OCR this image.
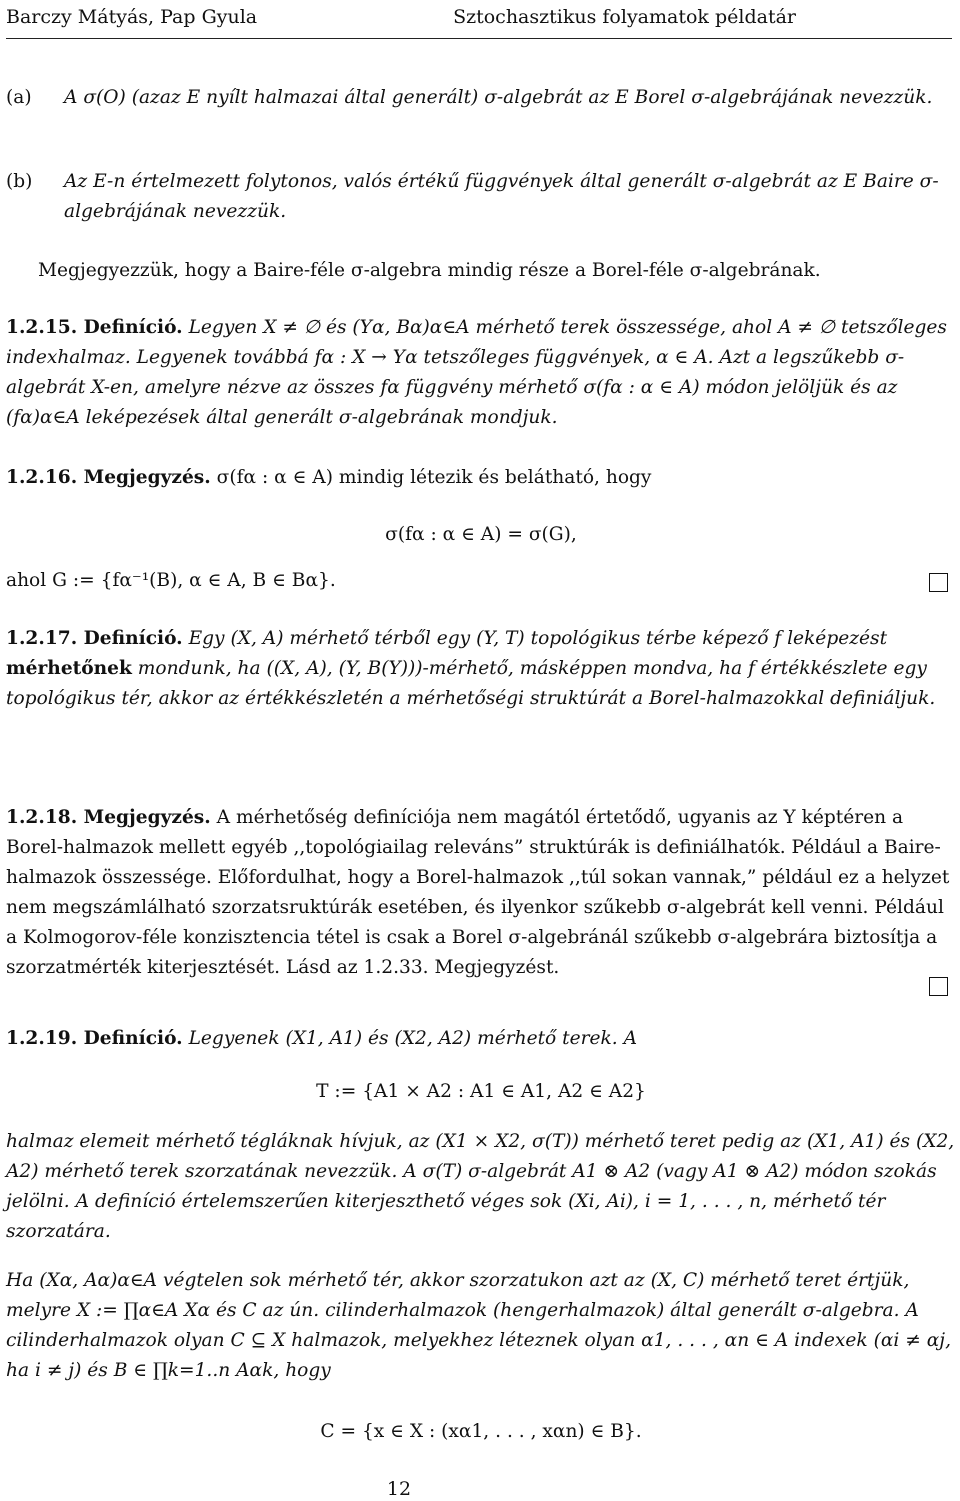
Barczy Mátyás, Pap Gyula	Sztochasztikus folyamatok példatár
(a) A σ(O) (azaz E nyílt halmazai által generált) σ-algebrát az E Borel σ-algebrájának nevezzük.
(b) Az E-n értelmezett folytonos, valós értékű függvények által generált σ-algebrát az E Baire σ-algebrájának nevezzük.
Megjegyezzük, hogy a Baire-féle σ-algebra mindig része a Borel-féle σ-algebrának.
1.2.15. Definíció. Legyen X ≠ ∅ és (Yα, Bα)α∈A mérhető terek összessége, ahol A ≠ ∅ tetszőleges indexhalmaz. Legyenek továbbá fα : X → Yα tetszőleges függvények, α ∈ A. Azt a legszűkebb σ-algebrát X-en, amelyre nézve az összes fα függvény mérhető σ(fα : α ∈ A) módon jelöljük és az (fα)α∈A leképezések által generált σ-algebrának mondjuk.
1.2.16. Megjegyzés. σ(fα : α ∈ A) mindig létezik és belátható, hogy
σ(fα : α ∈ A) = σ(G),
ahol G := {fα⁻¹(B), α ∈ A, B ∈ Bα}.
1.2.17. Definíció. Egy (X, A) mérhető térből egy (Y, T) topológikus térbe képező f leképezést mérhetőnek mondunk, ha ((X, A), (Y, B(Y)))-mérhető, másképpen mondva, ha f értékkészlete egy topológikus tér, akkor az értékkészletén a mérhetőségi struktúrát a Borel-halmazokkal definiáljuk.
1.2.18. Megjegyzés. A mérhetőség definíciója nem magától értetődő, ugyanis az Y képtéren a Borel-halmazok mellett egyéb ,,topológiailag releváns” struktúrák is definiálhatók. Például a Baire-halmazok összessége. Előfordulhat, hogy a Borel-halmazok ,,túl sokan vannak,” például ez a helyzet nem megszámlálható szorzatsruktúrák esetében, és ilyenkor szűkebb σ-algebrát kell venni. Például a Kolmogorov-féle konzisztencia tétel is csak a Borel σ-algebránál szűkebb σ-algebrára biztosítja a szorzatmérték kiterjesztését. Lásd az 1.2.33. Megjegyzést.
1.2.19. Definíció. Legyenek (X1, A1) és (X2, A2) mérhető terek. A
T := {A1 × A2 : A1 ∈ A1, A2 ∈ A2}
halmaz elemeit mérhető tégláknak hívjuk, az (X1 × X2, σ(T)) mérhető teret pedig az (X1, A1) és (X2, A2) mérhető terek szorzatának nevezzük. A σ(T) σ-algebrát A1 ⊗ A2 (vagy A1 ⊗ A2) módon szokás jelölni. A definíció értelemszerűen kiterjeszthető véges sok (Xi, Ai), i = 1, . . . , n, mérhető tér szorzatára.
Ha (Xα, Aα)α∈A végtelen sok mérhető tér, akkor szorzatukon azt az (X, C) mérhető teret értjük, melyre X := ∏α∈A Xα és C az ún. cilinderhalmazok (hengerhalmazok) által generált σ-algebra. A cilinderhalmazok olyan C ⊆ X halmazok, melyekhez léteznek olyan α1, . . . , αn ∈ A indexek (αi ≠ αj, ha i ≠ j) és B ∈ ∏k=1..n Aαk, hogy
C = {x ∈ X : (xα1, . . . , xαn) ∈ B}.
12
